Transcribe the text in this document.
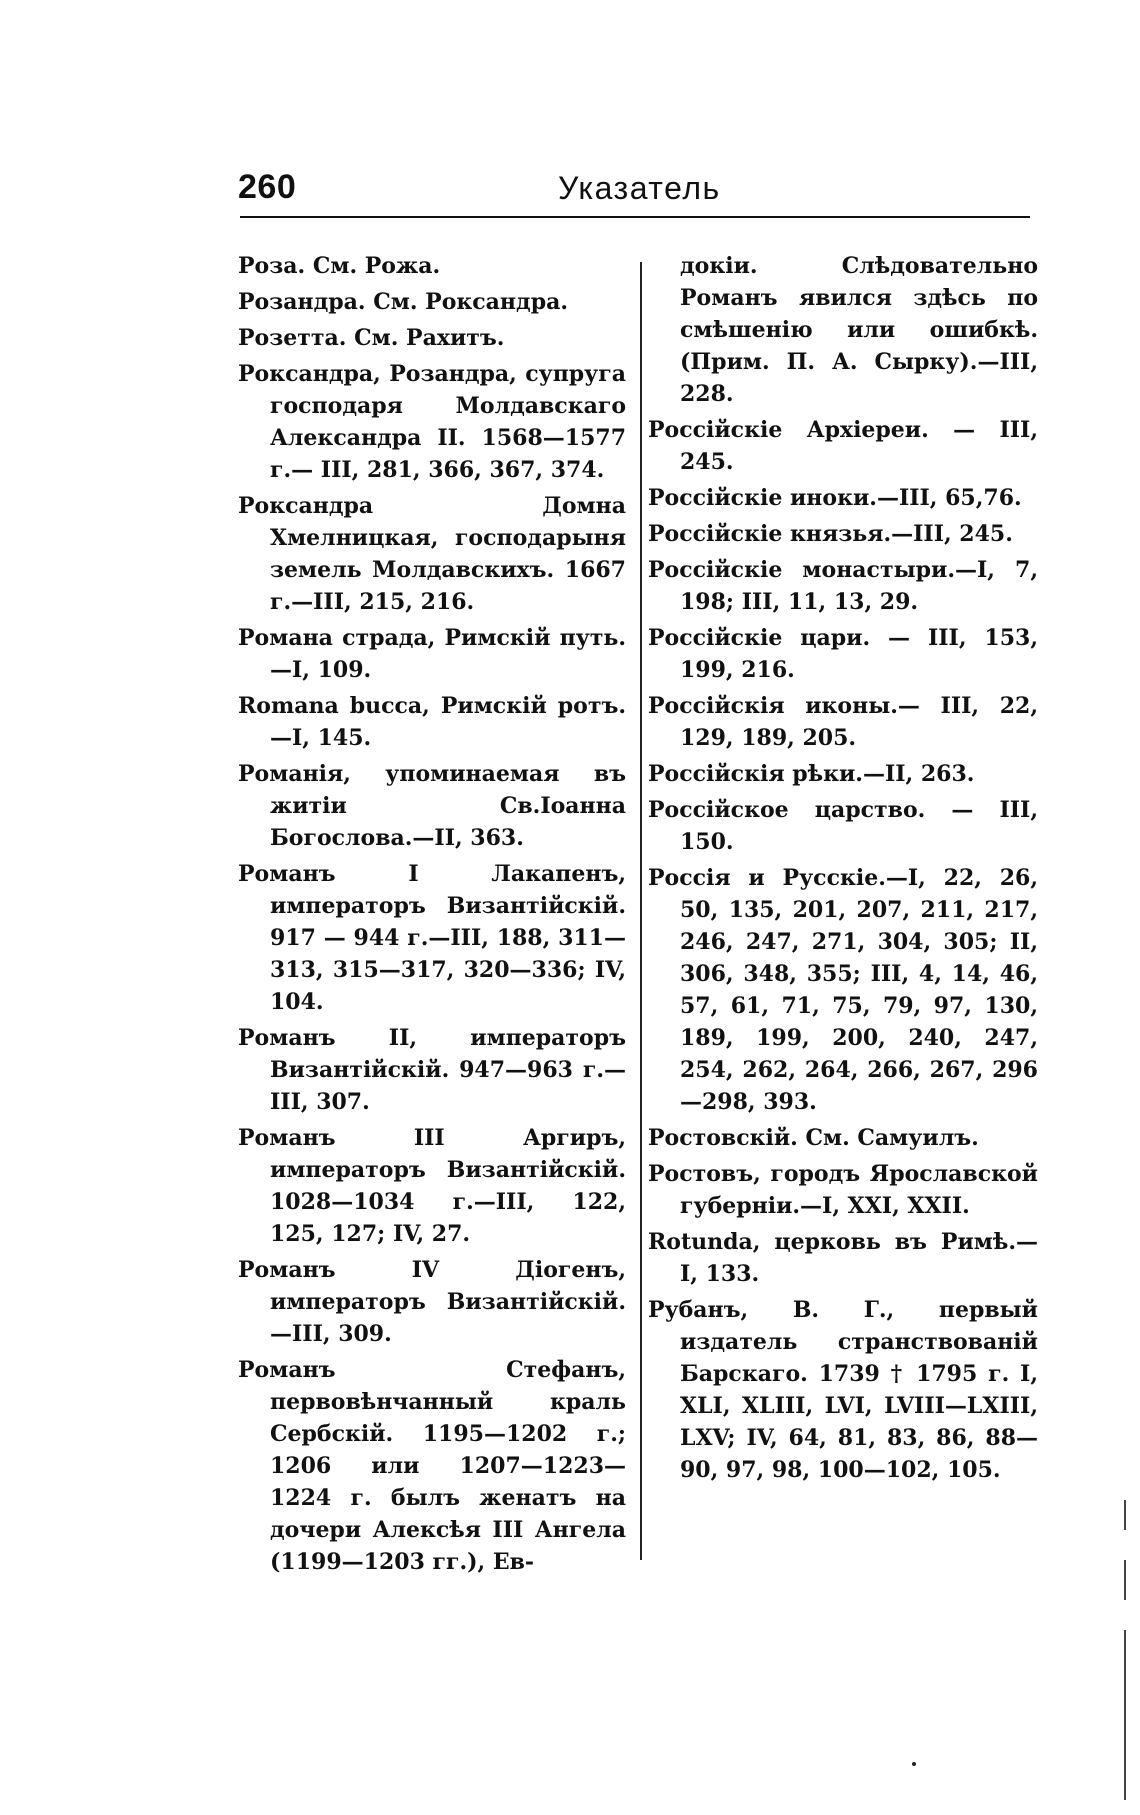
260	Указатель
Роза. См. Рожа.
Розандра. См. Роксандра.
Розетта. См. Рахитъ.
Роксандра, Розандра, супруга господаря Молдавскаго Александра II. 1568—1577 г.— III, 281, 366, 367, 374.
Роксандра Домна Хмелницкая, господарыня земель Молдавскихъ. 1667 г.—III, 215, 216.
Романа страда, Римскій путь. —I, 109.
Romana bucca, Римскій ротъ. —I, 145.
Романія, упоминаемая въ житіи Св.Іоанна Богослова.—II, 363.
Романъ I Лакапенъ, императоръ Византійскій. 917 — 944 г.—III, 188, 311—313, 315—317, 320—336; IV, 104.
Романъ II, императоръ Византійскій. 947—963 г.—III, 307.
Романъ III Аргиръ, императоръ Византійскій. 1028—1034 г.—III, 122, 125, 127; IV, 27.
Романъ IV Діогенъ, императоръ Византійскій.—III, 309.
Романъ Стефанъ, первовѣнчанный краль Сербскій. 1195—1202 г.; 1206 или 1207—1223— 1224 г. былъ женатъ на дочери Алексѣя III Ангела (1199—1203 гг.), Ев-
докіи. Слѣдовательно Романъ явился здѣсь по смѣшенію или ошибкѣ. (Прим. П. А. Сырку).—III, 228.
Россійскіе Архіереи. — III, 245.
Россійскіе иноки.—III, 65,76.
Россійскіе князья.—III, 245.
Россійскіе монастыри.—I, 7, 198; III, 11, 13, 29.
Россійскіе цари. — III, 153, 199, 216.
Россійскія иконы.— III, 22, 129, 189, 205.
Россійскія рѣки.—II, 263.
Россійское царство. — III, 150.
Россія и Русскіе.—I, 22, 26, 50, 135, 201, 207, 211, 217, 246, 247, 271, 304, 305; II, 306, 348, 355; III, 4, 14, 46, 57, 61, 71, 75, 79, 97, 130, 189, 199, 200, 240, 247, 254, 262, 264, 266, 267, 296—298, 393.
Ростовскій. См. Самуилъ.
Ростовъ, городъ Ярославской губерніи.—I, XXI, XXII.
Rotunda, церковь въ Римѣ.— I, 133.
Рубанъ, В. Г., первый издатель странствованій Барскаго. 1739 † 1795 г. I, XLI, XLIII, LVI, LVIII—LXIII, LXV; IV, 64, 81, 83, 86, 88—90, 97, 98, 100—102, 105.
